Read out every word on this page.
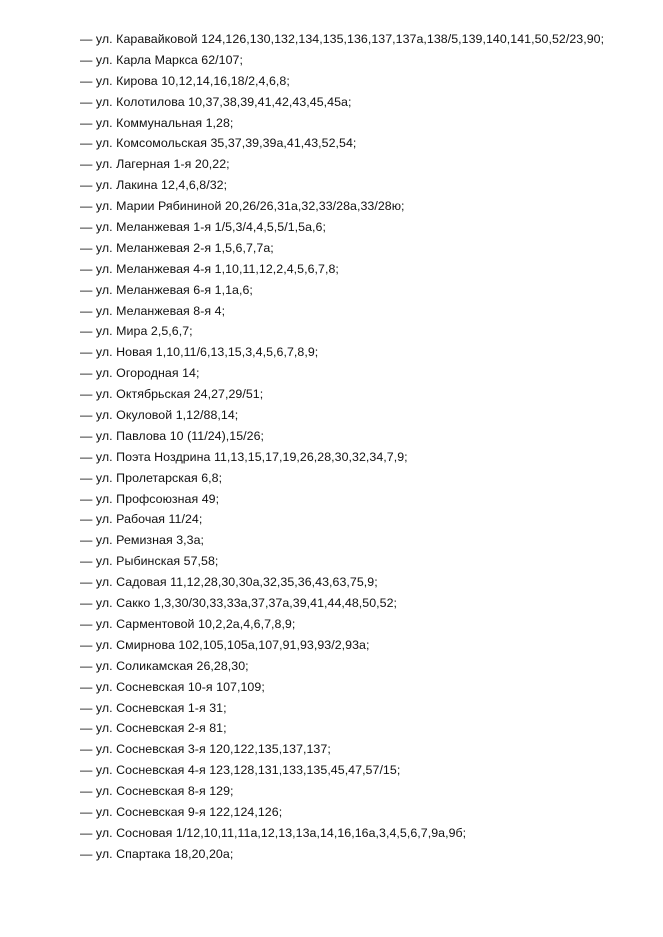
— ул. Каравайковой 124,126,130,132,134,135,136,137,137а,138/5,139,140,141,50,52/23,90;
— ул. Карла Маркса 62/107;
— ул. Кирова 10,12,14,16,18/2,4,6,8;
— ул. Колотилова 10,37,38,39,41,42,43,45,45а;
— ул. Коммунальная 1,28;
— ул. Комсомольская 35,37,39,39а,41,43,52,54;
— ул. Лагерная 1-я 20,22;
— ул. Лакина 12,4,6,8/32;
— ул. Марии Рябининой 20,26/26,31а,32,33/28а,33/28ю;
— ул. Меланжевая 1-я 1/5,3/4,4,5,5/1,5а,6;
— ул. Меланжевая 2-я 1,5,6,7,7а;
— ул. Меланжевая 4-я 1,10,11,12,2,4,5,6,7,8;
— ул. Меланжевая 6-я 1,1а,6;
— ул. Меланжевая 8-я 4;
— ул. Мира 2,5,6,7;
— ул. Новая 1,10,11/6,13,15,3,4,5,6,7,8,9;
— ул. Огородная 14;
— ул. Октябрьская 24,27,29/51;
— ул. Окуловой 1,12/88,14;
— ул. Павлова 10 (11/24),15/26;
— ул. Поэта Ноздрина 11,13,15,17,19,26,28,30,32,34,7,9;
— ул. Пролетарская 6,8;
— ул. Профсоюзная 49;
— ул. Рабочая 11/24;
— ул. Ремизная 3,3а;
— ул. Рыбинская 57,58;
— ул. Садовая 11,12,28,30,30а,32,35,36,43,63,75,9;
— ул. Сакко 1,3,30/30,33,33а,37,37а,39,41,44,48,50,52;
— ул. Сарментовой 10,2,2а,4,6,7,8,9;
— ул. Смирнова 102,105,105а,107,91,93,93/2,93а;
— ул. Соликамская 26,28,30;
— ул. Сосневская 10-я 107,109;
— ул. Сосневская 1-я 31;
— ул. Сосневская 2-я 81;
— ул. Сосневская 3-я 120,122,135,137,137;
— ул. Сосневская 4-я 123,128,131,133,135,45,47,57/15;
— ул. Сосневская 8-я 129;
— ул. Сосневская 9-я 122,124,126;
— ул. Сосновая 1/12,10,11,11а,12,13,13а,14,16,16а,3,4,5,6,7,9а,9б;
— ул. Спартака 18,20,20а;
